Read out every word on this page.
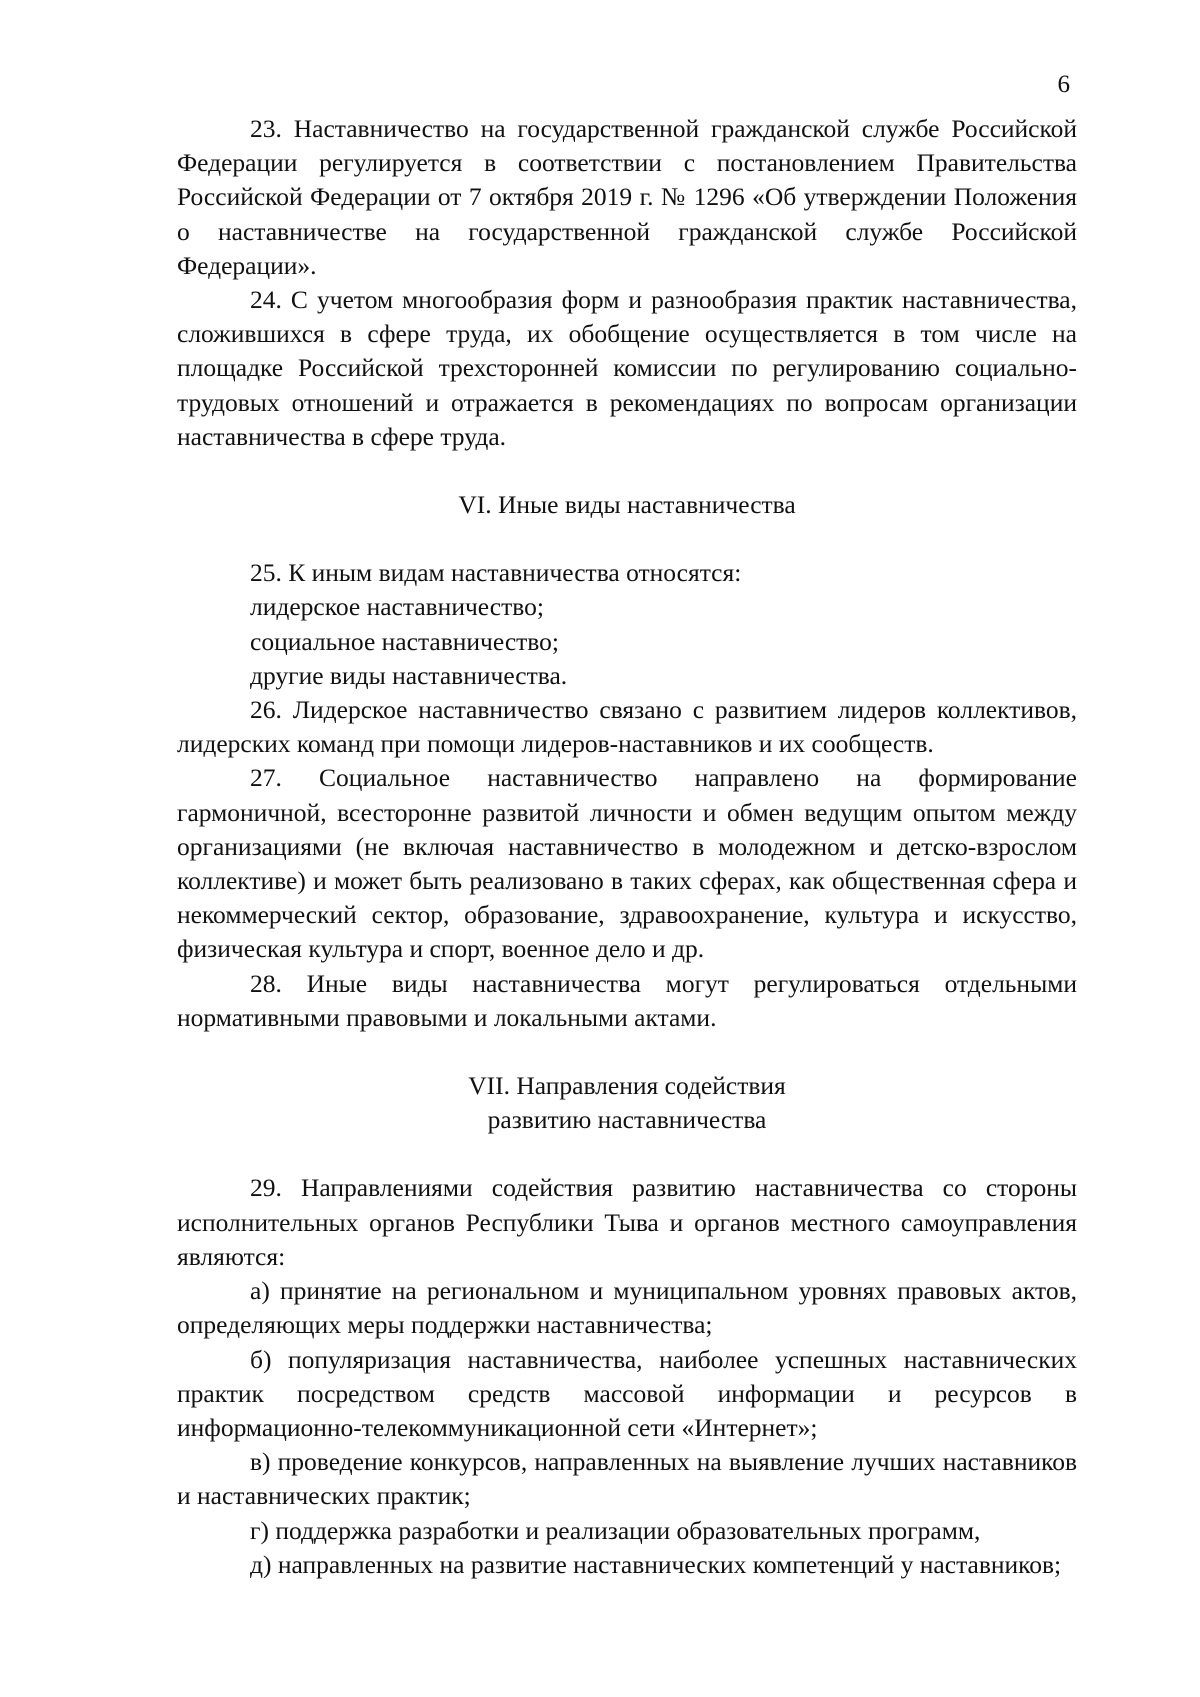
6

23. Наставничество на государственной гражданской службе Российской Федерации регулируется в соответствии с постановлением Правительства Российской Федерации от 7 октября 2019 г. № 1296 «Об утверждении Положения о наставничестве на государственной гражданской службе Российской Федерации».

24. С учетом многообразия форм и разнообразия практик наставничества, сложившихся в сфере труда, их обобщение осуществляется в том числе на площадке Российской трехсторонней комиссии по регулированию социально-трудовых отношений и отражается в рекомендациях по вопросам организации наставничества в сфере труда.

VI. Иные виды наставничества

25. К иным видам наставничества относятся:

лидерское наставничество;

социальное наставничество;

другие виды наставничества.

26. Лидерское наставничество связано с развитием лидеров коллективов, лидерских команд при помощи лидеров-наставников и их сообществ.

27. Социальное наставничество направлено на формирование гармоничной, всесторонне развитой личности и обмен ведущим опытом между организациями (не включая наставничество в молодежном и детско-взрослом коллективе) и может быть реализовано в таких сферах, как общественная сфера и некоммерческий сектор, образование, здравоохранение, культура и искусство, физическая культура и спорт, военное дело и др.

28. Иные виды наставничества могут регулироваться отдельными нормативными правовыми и локальными актами.

VII. Направления содействия
развитию наставничества

29. Направлениями содействия развитию наставничества со стороны исполнительных органов Республики Тыва и органов местного самоуправления являются:

а) принятие на региональном и муниципальном уровнях правовых актов, определяющих меры поддержки наставничества;

б) популяризация наставничества, наиболее успешных наставнических практик посредством средств массовой информации и ресурсов в информационно-телекоммуникационной сети «Интернет»;

в) проведение конкурсов, направленных на выявление лучших наставников и наставнических практик;

г) поддержка разработки и реализации образовательных программ,

д) направленных на развитие наставнических компетенций у наставников;
